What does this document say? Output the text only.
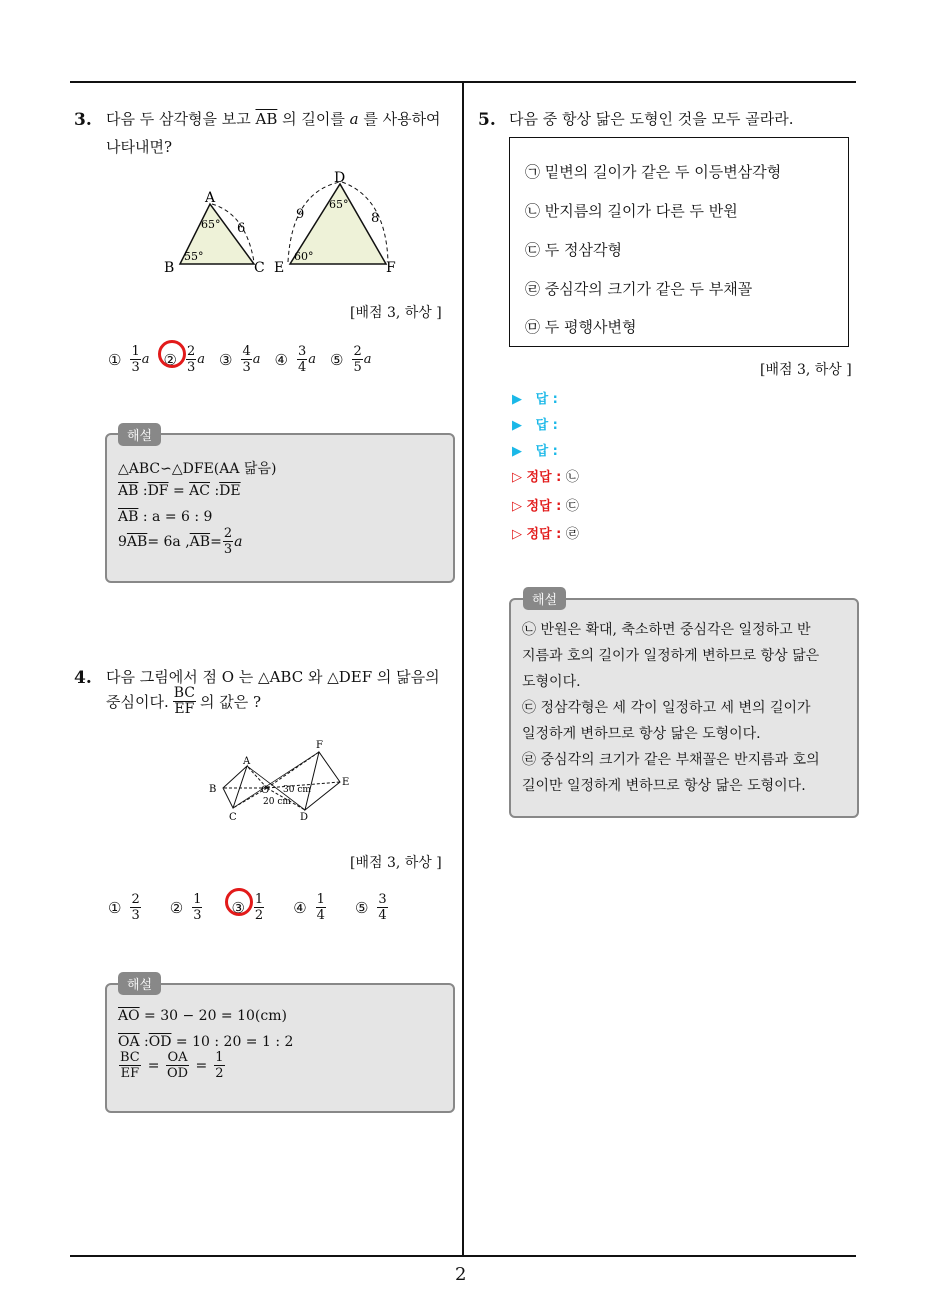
2
3. 다음 두 삼각형을 보고 $\overline{AB}$ 의 길이를 a 를 사용하여
나타내면?
A
B	C
65°
55°
6
D
E	F
65°
60°
9	8
[배점 3, 하상 ]
① $\frac{1}{3}$ a ② $\frac{2}{3}$ a ③ $\frac{4}{3}$ a ④ $\frac{3}{4}$ a ⑤ $\frac{2}{5}$ a
해설
△ABC∽△DFE(AA 닮음)
$\overline{AB}$ $:\overline{DF} = \overline{AC}$ $:\overline{DE}$
$\overline{AB}$ : a = 6 : 9
9 $\overline{AB} = 6a$ , $\overline{AB} = \frac{2}{3}$ a
4. 다음 그림에서 점 O 는 △ABC 와 △DEF 의 닮음의
중심이다. $\frac{BC}{EF}$ 의 값은 ?
A
B
C	D
E
F
O 30 cm
20 cm
[배점 3, 하상 ]
① $\frac{2}{3}$ ② $\frac{1}{3}$ ③ $\frac{1}{2}$ ④ $\frac{1}{4}$ ⑤ $\frac{3}{4}$
해설
$\overline{AO} = 30 - 20 = 10(cm)$
$\overline{OA}$ $:\overline{OD} = 10$ : 20 = 1 : 2
$\frac{BC}{EF} = \frac{OA}{OD} = \frac{1}{2}$
5. 다음 중 항상 닮은 도형인 것을 모두 골라라.
㉠ 밑변의 길이가 같은 두 이등변삼각형
㉡ 반지름의 길이가 다른 두 반원
㉢ 두 정삼각형
㉣ 중심각의 크기가 같은 두 부채꼴
㉤ 두 평행사변형
[배점 3, 하상 ]
▶ 답 :
▶ 답 :
▶ 답 :
▷ 정답 : ㉡
▷ 정답 : ㉢
▷ 정답 : ㉣
해설
㉡ 반원은 확대, 축소하면 중심각은 일정하고 반
지름과 호의 길이가 일정하게 변하므로 항상 닮은
도형이다.
㉢ 정삼각형은 세 각이 일정하고 세 변의 길이가
일정하게 변하므로 항상 닮은 도형이다.
㉣ 중심각의 크기가 같은 부채꼴은 반지름과 호의
길이만 일정하게 변하므로 항상 닮은 도형이다.
